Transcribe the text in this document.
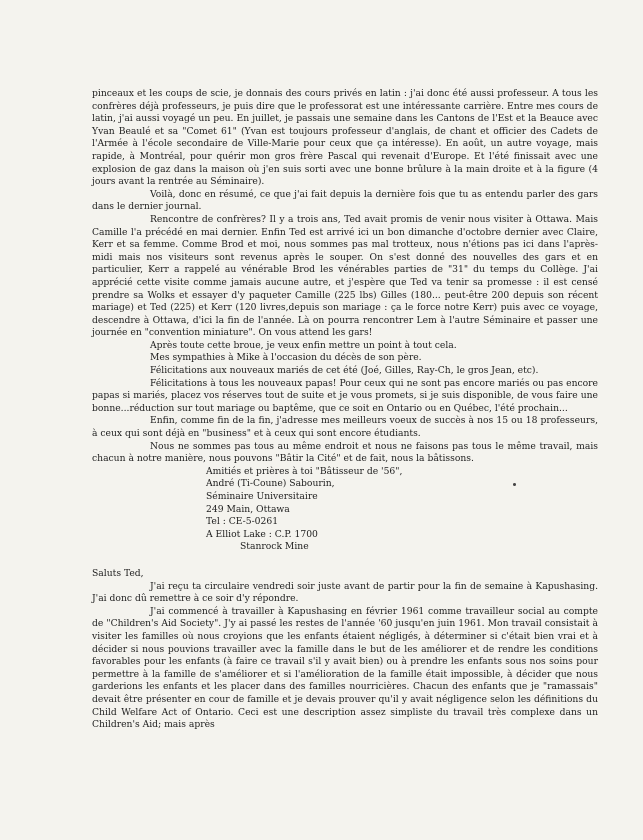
pinceaux et les coups de scie, je donnais des cours privés en latin : j'ai donc été aussi professeur. A tous les confrères déjà professeurs, je puis dire que le professorat est une intéressante carrière. Entre mes cours de latin, j'ai aussi voyagé un peu. En juillet, je passais une semaine dans les Cantons de l'Est et la Beauce avec Yvan Beaulé et sa "Comet 61" (Yvan est toujours professeur d'anglais, de chant et officier des Cadets de l'Armée à l'école secondaire de Ville-Marie pour ceux que ça intéresse). En août, un autre voyage, mais rapide, à Montréal, pour quérir mon gros frère Pascal qui revenait d'Europe. Et l'été finissait avec une explosion de gaz dans la maison où j'en suis sorti avec une bonne brûlure à la main droite et à la figure (4 jours avant la rentrée au Séminaire).

Voilà, donc en résumé, ce que j'ai fait depuis la dernière fois que tu as entendu parler des gars dans le dernier journal.

Rencontre de confrères? Il y a trois ans, Ted avait promis de venir nous visiter à Ottawa. Mais Camille l'a précédé en mai dernier. Enfin Ted est arrivé ici un bon dimanche d'octobre dernier avec Claire, Kerr et sa femme. Comme Brod et moi, nous sommes pas mal trotteux, nous n'étions pas ici dans l'après-midi mais nos visiteurs sont revenus après le souper. On s'est donné des nouvelles des gars et en particulier, Kerr a rappelé au vénérable Brod les vénérables parties de "31" du temps du Collège. J'ai apprécié cette visite comme jamais aucune autre, et j'espère que Ted va tenir sa promesse : il est censé prendre sa Wolks et essayer d'y paqueter Camille (225 lbs) Gilles (180... peut-être 200 depuis son récent mariage) et Ted (225) et Kerr (120 livres,depuis son mariage : ça le force notre Kerr) puis avec ce voyage, descendre à Ottawa, d'ici la fin de l'année. Là on pourra rencontrer Lem à l'autre Séminaire et passer une journée en "convention miniature". On vous attend les gars!

Après toute cette broue, je veux enfin mettre un point à tout cela.

Mes sympathies à Mike à l'occasion du décès de son père.

Félicitations aux nouveaux mariés de cet été (Joé, Gilles, Ray-Ch, le gros Jean, etc).

Félicitations à tous les nouveaux papas! Pour ceux qui ne sont pas encore mariés ou pas encore papas si mariés, placez vos réserves tout de suite et je vous promets, si je suis disponible, de vous faire une bonne...réduction sur tout mariage ou baptême, que ce soit en Ontario ou en Québec, l'été prochain...

Enfin, comme fin de la fin, j'adresse mes meilleurs voeux de succès à nos 15 ou 18 professeurs, à ceux qui sont déjà en "business" et à ceux qui sont encore étudiants.

Nous ne sommes pas tous au même endroit et nous ne faisons pas tous le même travail, mais chacun à notre manière, nous pouvons "Bâtir la Cité" et de fait, nous la bâtissons.

Amitiés et prières à toi "Bâtisseur de '56",

André (Ti-Coune) Sabourin,

Séminaire Universitaire

249 Main, Ottawa

Tel : CE-5-0261

A Elliot Lake : C.P. 1700

Stanrock Mine

Saluts Ted,

J'ai reçu ta circulaire vendredi soir juste avant de partir pour la fin de semaine à Kapushasing. J'ai donc dû remettre à ce soir d'y répondre.

J'ai commencé à travailler à Kapushasing en février 1961 comme travailleur social au compte de "Children's Aid Society". J'y ai passé les restes de l'année '60 jusqu'en juin 1961. Mon travail consistait à visiter les familles où nous croyions que les enfants étaient négligés, à déterminer si c'était bien vrai et à décider si nous pouvions travailler avec la famille dans le but de les améliorer et de rendre les conditions favorables pour les enfants (à faire ce travail s'il y avait bien) ou à prendre les enfants sous nos soins pour permettre à la famille de s'améliorer et si l'amélioration de la famille était impossible, à décider que nous garderions les enfants et les placer dans des familles nourricières. Chacun des enfants que je "ramassais" devait être présenter en cour de famille et je devais prouver qu'il y avait négligence selon les définitions du Child Welfare Act of Ontario. Ceci est une description assez simpliste du travail très complexe dans un Children's Aid; mais après
